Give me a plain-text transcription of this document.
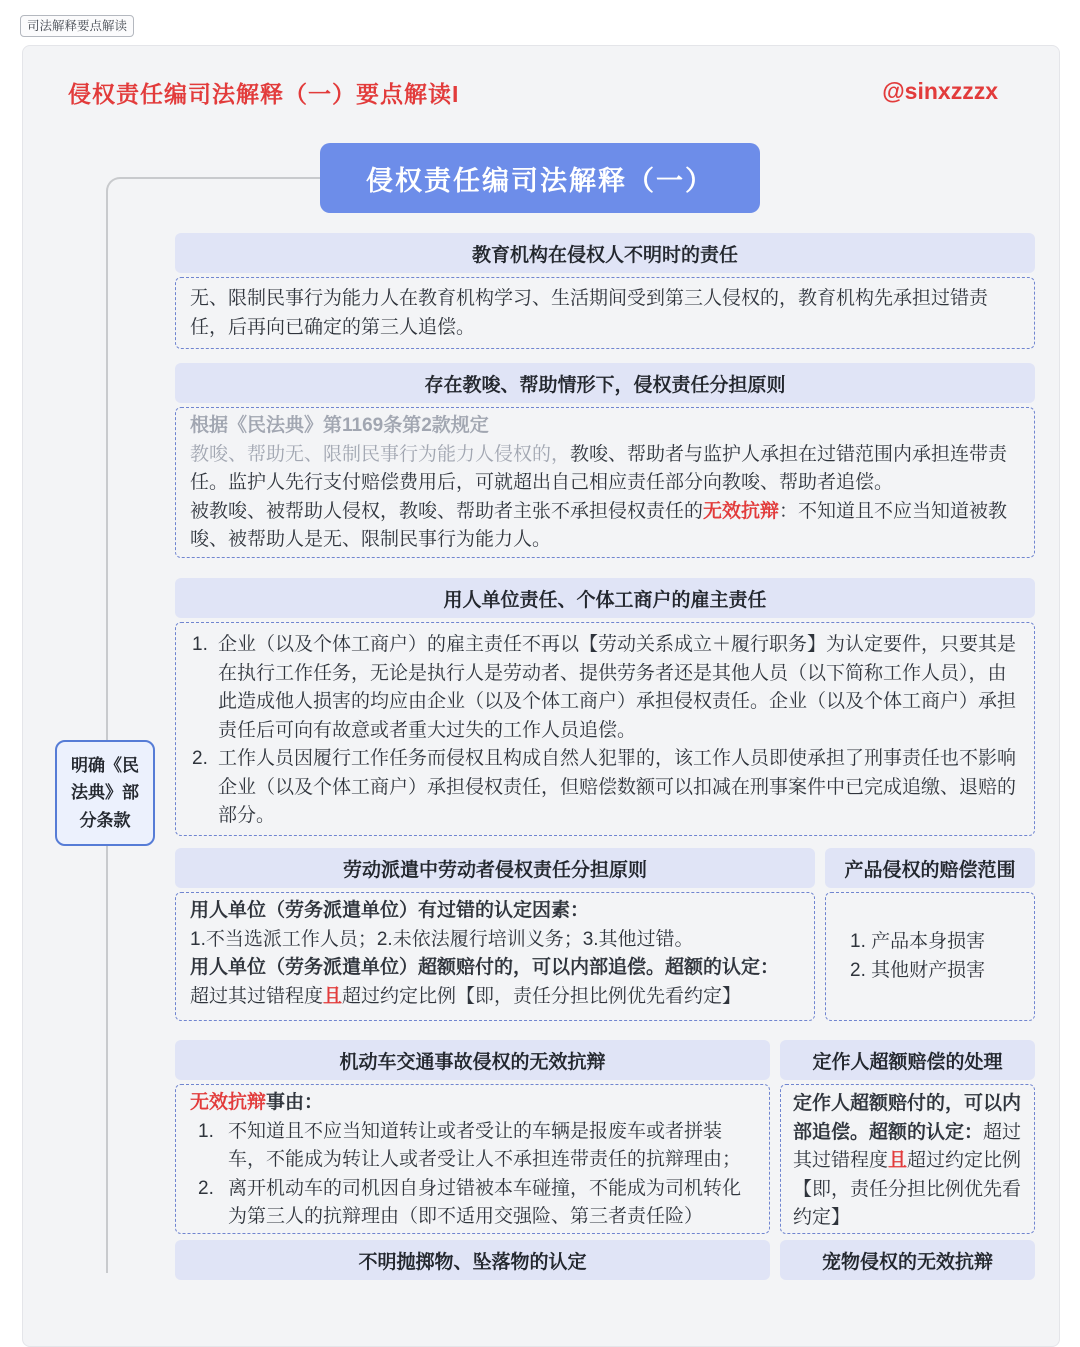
司法解释要点解读
侵权责任编司法解释（一）要点解读I	@sinxzzzx
侵权责任编司法解释（一）
明确《民法典》部分条款
教育机构在侵权人不明时的责任
无、限制民事行为能力人在教育机构学习、生活期间受到第三人侵权的，教育机构先承担过错责任，后再向已确定的第三人追偿。
存在教唆、帮助情形下，侵权责任分担原则
根据《民法典》第1169条第2款规定
教唆、帮助无、限制民事行为能力人侵权的，教唆、帮助者与监护人承担在过错范围内承担连带责任。监护人先行支付赔偿费用后，可就超出自己相应责任部分向教唆、帮助者追偿。
被教唆、被帮助人侵权，教唆、帮助者主张不承担侵权责任的无效抗辩：不知道且不应当知道被教唆、被帮助人是无、限制民事行为能力人。
用人单位责任、个体工商户的雇主责任
1. 企业（以及个体工商户）的雇主责任不再以【劳动关系成立＋履行职务】为认定要件，只要其是在执行工作任务，无论是执行人是劳动者、提供劳务者还是其他人员（以下简称工作人员），由此造成他人损害的均应由企业（以及个体工商户）承担侵权责任。企业（以及个体工商户）承担责任后可向有故意或者重大过失的工作人员追偿。
2. 工作人员因履行工作任务而侵权且构成自然人犯罪的，该工作人员即使承担了刑事责任也不影响企业（以及个体工商户）承担侵权责任，但赔偿数额可以扣减在刑事案件中已完成追缴、退赔的部分。
劳动派遣中劳动者侵权责任分担原则
用人单位（劳务派遣单位）有过错的认定因素：
1.不当选派工作人员；2.未依法履行培训义务；3.其他过错。
用人单位（劳务派遣单位）超额赔付的，可以内部追偿。超额的认定：
超过其过错程度且超过约定比例【即，责任分担比例优先看约定】
产品侵权的赔偿范围
1. 产品本身损害
2. 其他财产损害
机动车交通事故侵权的无效抗辩
无效抗辩事由：
1. 不知道且不应当知道转让或者受让的车辆是报废车或者拼装车，不能成为转让人或者受让人不承担连带责任的抗辩理由；
2. 离开机动车的司机因自身过错被本车碰撞，不能成为司机转化为第三人的抗辩理由（即不适用交强险、第三者责任险）
定作人超额赔偿的处理
定作人超额赔付的，可以内部追偿。超额的认定：超过其过错程度且超过约定比例【即，责任分担比例优先看约定】
不明抛掷物、坠落物的认定	宠物侵权的无效抗辩
